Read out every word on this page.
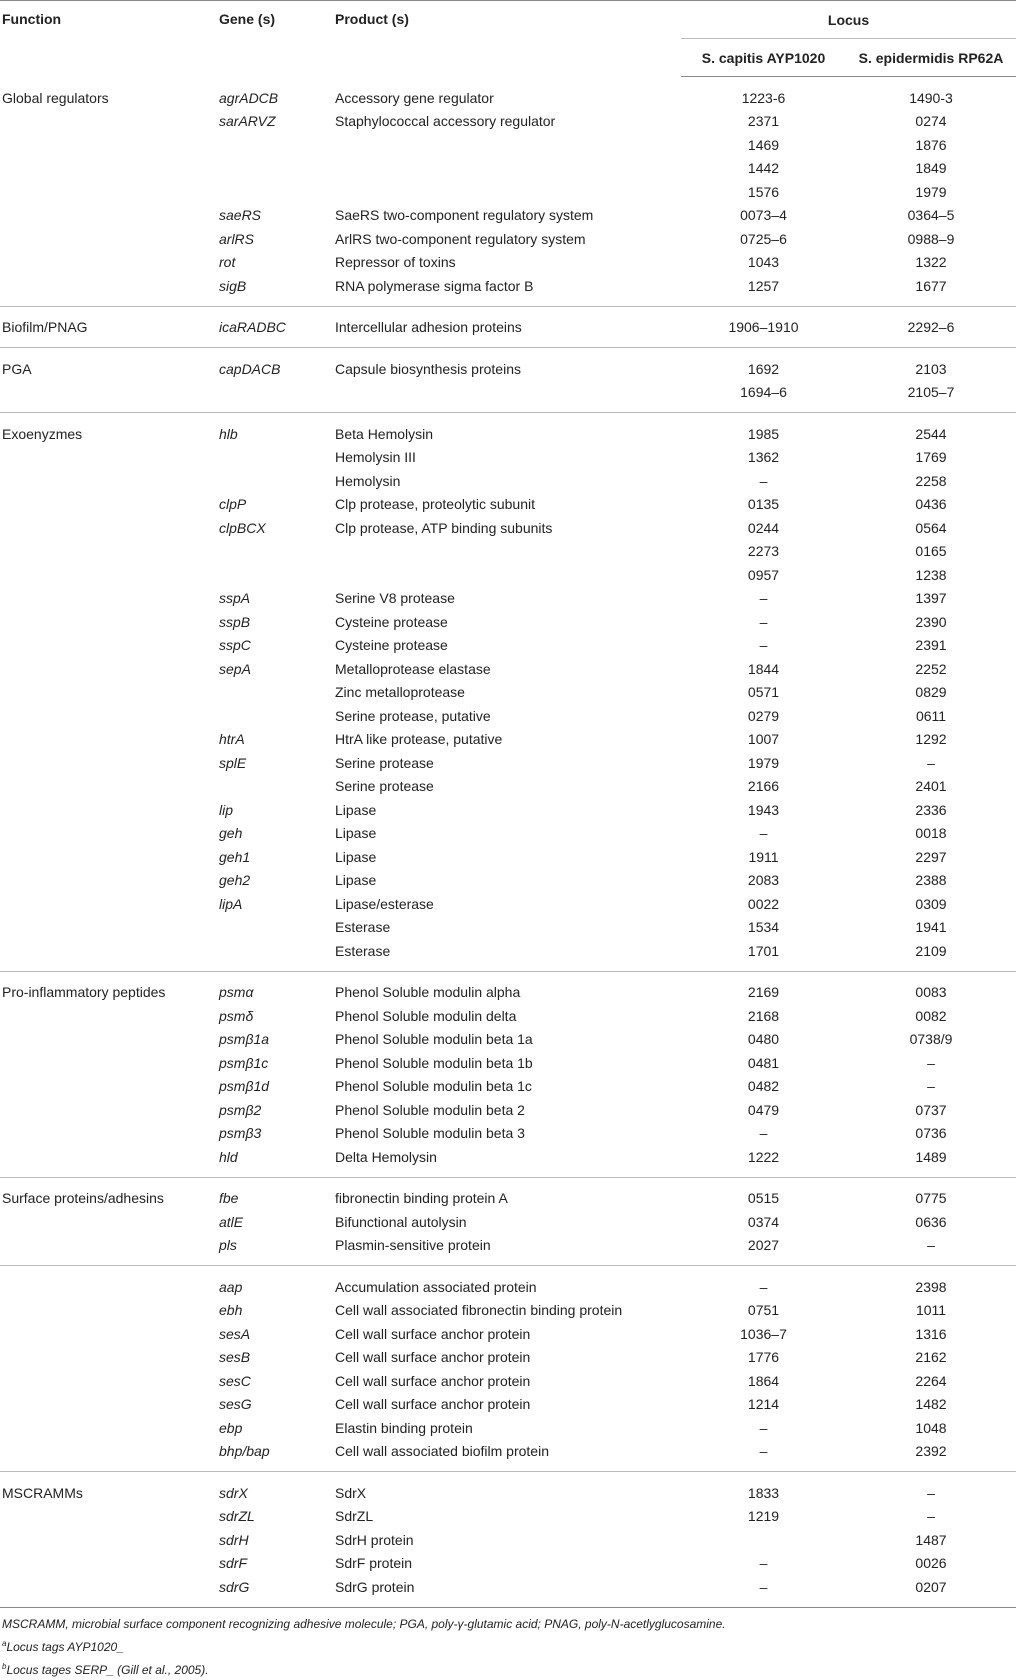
Function	Gene (s)	Product (s)	Locus	
			S. capitis AYP1020	S. epidermidis RP62A

Global regulators	agrADCB	Accessory gene regulator	1223-6	1490-3
	sarARVZ	Staphylococcal accessory regulator	2371	0274
			1469	1876
			1442	1849
			1576	1979
	saeRS	SaeRS two-component regulatory system	0073–4	0364–5
	arlRS	ArlRS two-component regulatory system	0725–6	0988–9
	rot	Repressor of toxins	1043	1322
	sigB	RNA polymerase sigma factor B	1257	1677

Biofilm/PNAG	icaRADBC	Intercellular adhesion proteins	1906–1910	2292–6

PGA	capDACB	Capsule biosynthesis proteins	1692	2103
			1694–6	2105–7

Exoenyzmes	hlb	Beta Hemolysin	1985	2544
		Hemolysin III	1362	1769
		Hemolysin	–	2258
	clpP	Clp protease, proteolytic subunit	0135	0436
	clpBCX	Clp protease, ATP binding subunits	0244	0564
			2273	0165
			0957	1238
	sspA	Serine V8 protease	–	1397
	sspB	Cysteine protease	–	2390
	sspC	Cysteine protease	–	2391
	sepA	Metalloprotease elastase	1844	2252
		Zinc metalloprotease	0571	0829
		Serine protease, putative	0279	0611
	htrA	HtrA like protease, putative	1007	1292
	splE	Serine protease	1979	–
		Serine protease	2166	2401
	lip	Lipase	1943	2336
	geh	Lipase	–	0018
	geh1	Lipase	1911	2297
	geh2	Lipase	2083	2388
	lipA	Lipase/esterase	0022	0309
		Esterase	1534	1941
		Esterase	1701	2109

Pro-inflammatory peptides	psmα	Phenol Soluble modulin alpha	2169	0083
	psmδ	Phenol Soluble modulin delta	2168	0082
	psmβ1a	Phenol Soluble modulin beta 1a	0480	0738/9
	psmβ1c	Phenol Soluble modulin beta 1b	0481	–
	psmβ1d	Phenol Soluble modulin beta 1c	0482	–
	psmβ2	Phenol Soluble modulin beta 2	0479	0737
	psmβ3	Phenol Soluble modulin beta 3	–	0736
	hld	Delta Hemolysin	1222	1489

Surface proteins/adhesins	fbe	fibronectin binding protein A	0515	0775
	atlE	Bifunctional autolysin	0374	0636
	pls	Plasmin-sensitive protein	2027	–

	aap	Accumulation associated protein	–	2398
	ebh	Cell wall associated fibronectin binding protein	0751	1011
	sesA	Cell wall surface anchor protein	1036–7	1316
	sesB	Cell wall surface anchor protein	1776	2162
	sesC	Cell wall surface anchor protein	1864	2264
	sesG	Cell wall surface anchor protein	1214	1482
	ebp	Elastin binding protein	–	1048
	bhp/bap	Cell wall associated biofilm protein	–	2392

MSCRAMMs	sdrX	SdrX	1833	–
	sdrZL	SdrZL	1219	–
	sdrH	SdrH protein		1487
	sdrF	SdrF protein	–	0026
	sdrG	SdrG protein	–	0207

MSCRAMM, microbial surface component recognizing adhesive molecule; PGA, poly-γ-glutamic acid; PNAG, poly-N-acetlyglucosamine.
$^a$Locus tags AYP1020_
$^b$Locus tages SERP_ (Gill et al., 2005).
